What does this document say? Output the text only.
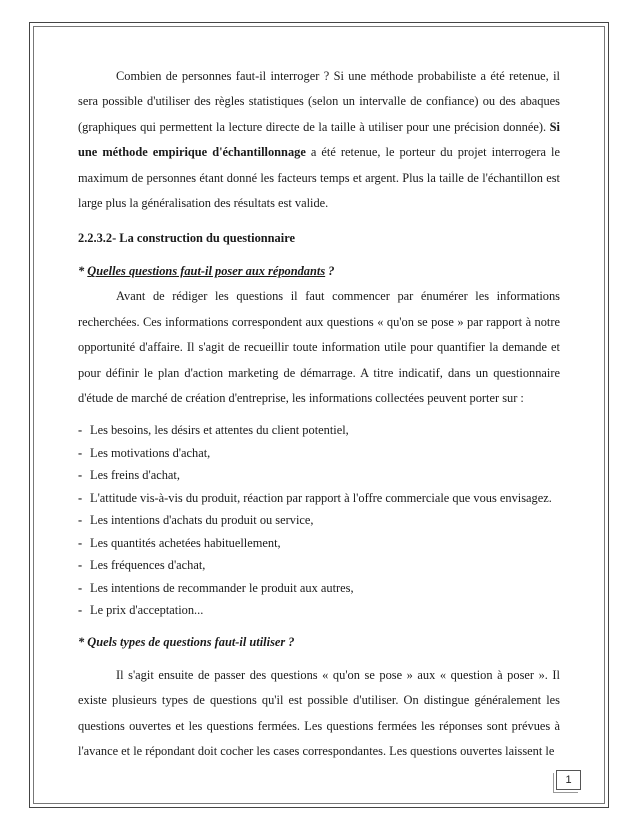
Combien de personnes faut-il interroger ? Si une méthode probabiliste a été retenue, il sera possible d'utiliser des règles statistiques (selon un intervalle de confiance) ou des abaques (graphiques qui permettent la lecture directe de la taille à utiliser pour une précision donnée). Si une méthode empirique d'échantillonnage a été retenue, le porteur du projet interrogera le maximum de personnes étant donné les facteurs temps et argent. Plus la taille de l'échantillon est large plus la généralisation des résultats est valide.

2.2.3.2- La construction du questionnaire

* Quelles questions faut-il poser aux répondants ?

Avant de rédiger les questions il faut commencer par énumérer les informations recherchées. Ces informations correspondent aux questions « qu'on se pose » par rapport à notre opportunité d'affaire. Il s'agit de recueillir toute information utile pour quantifier la demande et pour définir le plan d'action marketing de démarrage. A titre indicatif, dans un questionnaire d'étude de marché de création d'entreprise, les informations collectées peuvent porter sur :

- Les besoins, les désirs et attentes du client potentiel,
- Les motivations d'achat,
- Les freins d'achat,
- L'attitude vis-à-vis du produit, réaction par rapport à l'offre commerciale que vous envisagez.
- Les intentions d'achats du produit ou service,
- Les quantités achetées habituellement,
- Les fréquences d'achat,
- Les intentions de recommander le produit aux autres,
- Le prix d'acceptation...

* Quels types de questions faut-il utiliser ?

Il s'agit ensuite de passer des questions « qu'on se pose » aux « question à poser ». Il existe plusieurs types de questions qu'il est possible d'utiliser. On distingue généralement les questions ouvertes et les questions fermées. Les questions fermées les réponses sont prévues à l'avance et le répondant doit cocher les cases correspondantes. Les questions ouvertes laissent le

1
